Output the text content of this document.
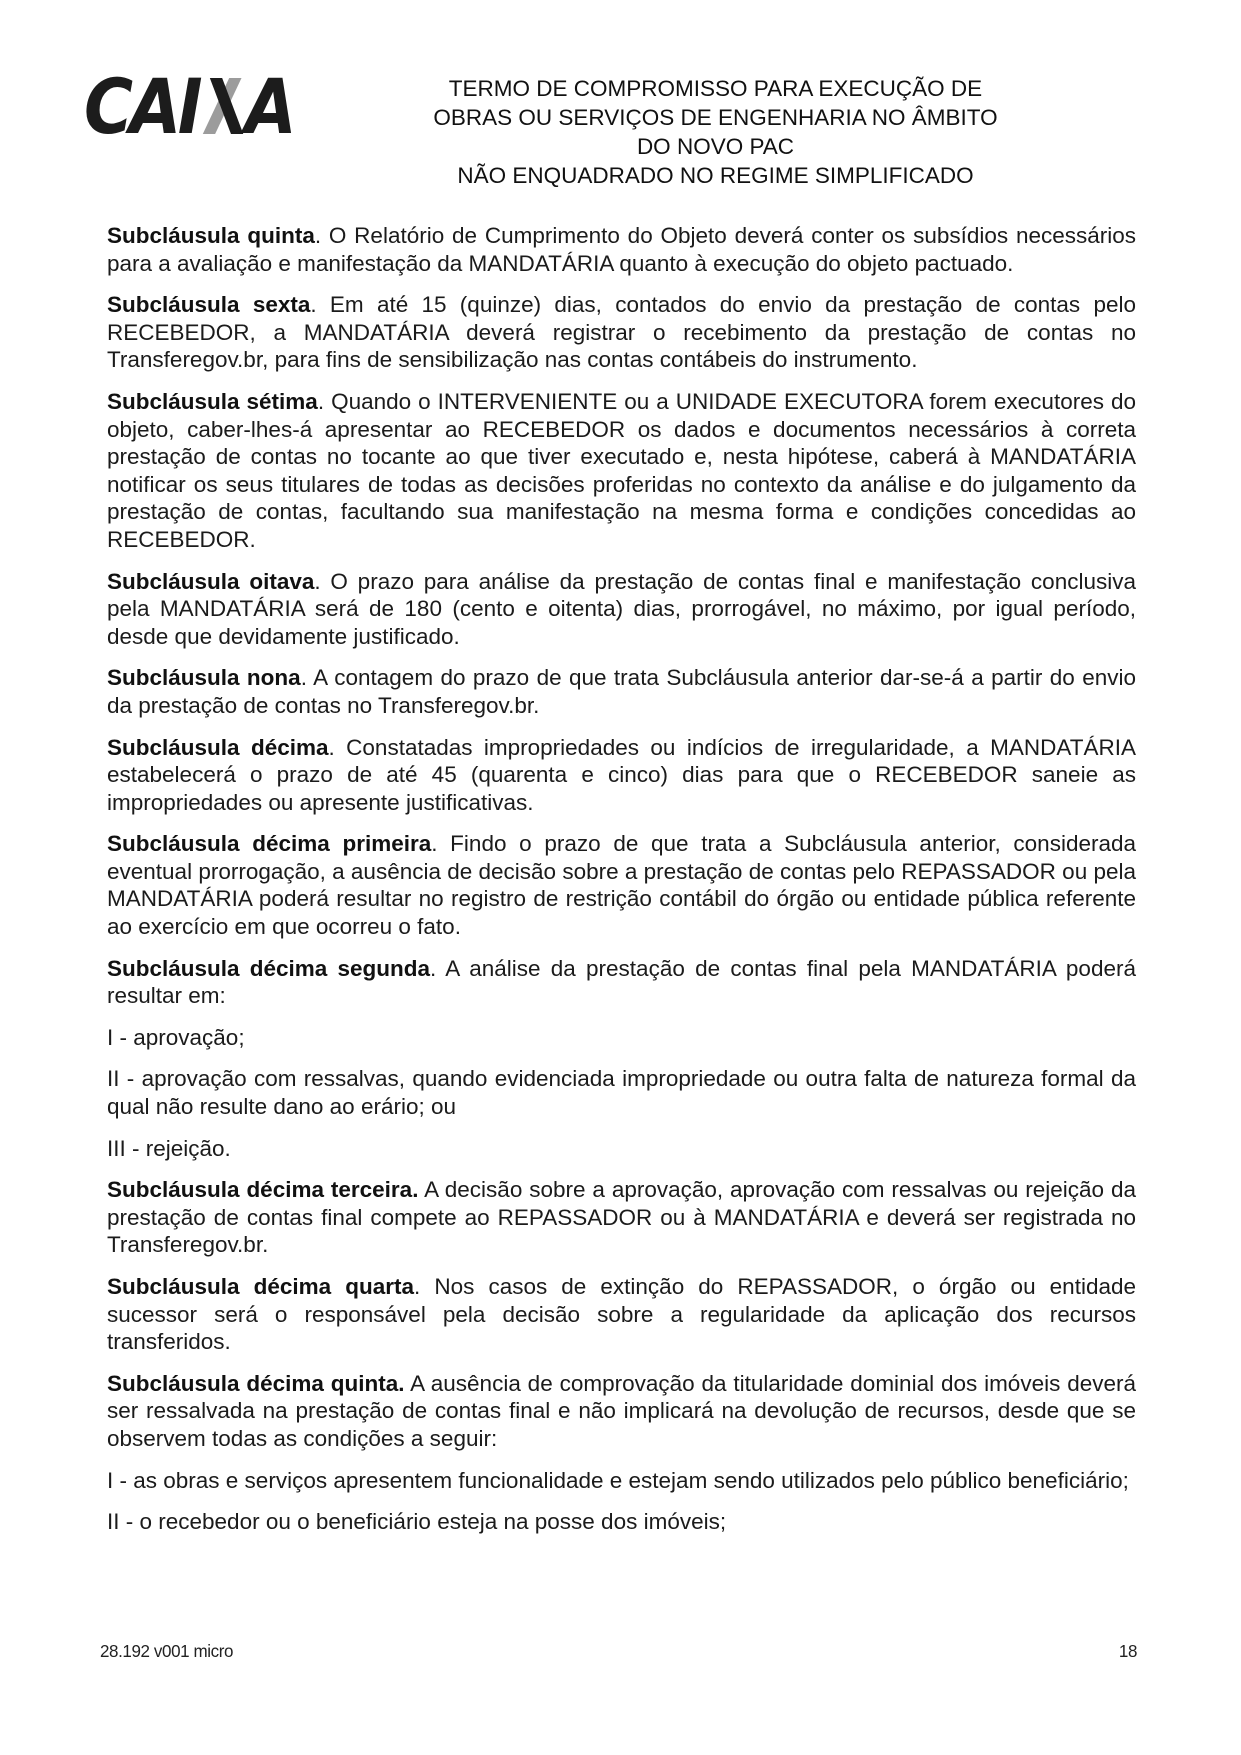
CAI A	TERMO DE COMPROMISSO PARA EXECUÇÃO DE
OBRAS OU SERVIÇOS DE ENGENHARIA NO ÂMBITO
DO NOVO PAC
NÃO ENQUADRADO NO REGIME SIMPLIFICADO

Subcláusula quinta. O Relatório de Cumprimento do Objeto deverá conter os subsídios necessários para a avaliação e manifestação da MANDATÁRIA quanto à execução do objeto pactuado.

Subcláusula sexta. Em até 15 (quinze) dias, contados do envio da prestação de contas pelo RECEBEDOR, a MANDATÁRIA deverá registrar o recebimento da prestação de contas no Transferegov.br, para fins de sensibilização nas contas contábeis do instrumento.

Subcláusula sétima. Quando o INTERVENIENTE ou a UNIDADE EXECUTORA forem executores do objeto, caber-lhes-á apresentar ao RECEBEDOR os dados e documentos necessários à correta prestação de contas no tocante ao que tiver executado e, nesta hipótese, caberá à MANDATÁRIA notificar os seus titulares de todas as decisões proferidas no contexto da análise e do julgamento da prestação de contas, facultando sua manifestação na mesma forma e condições concedidas ao RECEBEDOR.

Subcláusula oitava. O prazo para análise da prestação de contas final e manifestação conclusiva pela MANDATÁRIA será de 180 (cento e oitenta) dias, prorrogável, no máximo, por igual período, desde que devidamente justificado.

Subcláusula nona. A contagem do prazo de que trata Subcláusula anterior dar-se-á a partir do envio da prestação de contas no Transferegov.br.

Subcláusula décima. Constatadas impropriedades ou indícios de irregularidade, a MANDATÁRIA estabelecerá o prazo de até 45 (quarenta e cinco) dias para que o RECEBEDOR saneie as impropriedades ou apresente justificativas.

Subcláusula décima primeira. Findo o prazo de que trata a Subcláusula anterior, considerada eventual prorrogação, a ausência de decisão sobre a prestação de contas pelo REPASSADOR ou pela MANDATÁRIA poderá resultar no registro de restrição contábil do órgão ou entidade pública referente ao exercício em que ocorreu o fato.

Subcláusula décima segunda. A análise da prestação de contas final pela MANDATÁRIA poderá resultar em:

I - aprovação;

II - aprovação com ressalvas, quando evidenciada impropriedade ou outra falta de natureza formal da qual não resulte dano ao erário; ou

III - rejeição.

Subcláusula décima terceira. A decisão sobre a aprovação, aprovação com ressalvas ou rejeição da prestação de contas final compete ao REPASSADOR ou à MANDATÁRIA e deverá ser registrada no Transferegov.br.

Subcláusula décima quarta. Nos casos de extinção do REPASSADOR, o órgão ou entidade sucessor será o responsável pela decisão sobre a regularidade da aplicação dos recursos transferidos.

Subcláusula décima quinta. A ausência de comprovação da titularidade dominial dos imóveis deverá ser ressalvada na prestação de contas final e não implicará na devolução de recursos, desde que se observem todas as condições a seguir:

I - as obras e serviços apresentem funcionalidade e estejam sendo utilizados pelo público beneficiário;

II - o recebedor ou o beneficiário esteja na posse dos imóveis;

28.192 v001 micro	18
